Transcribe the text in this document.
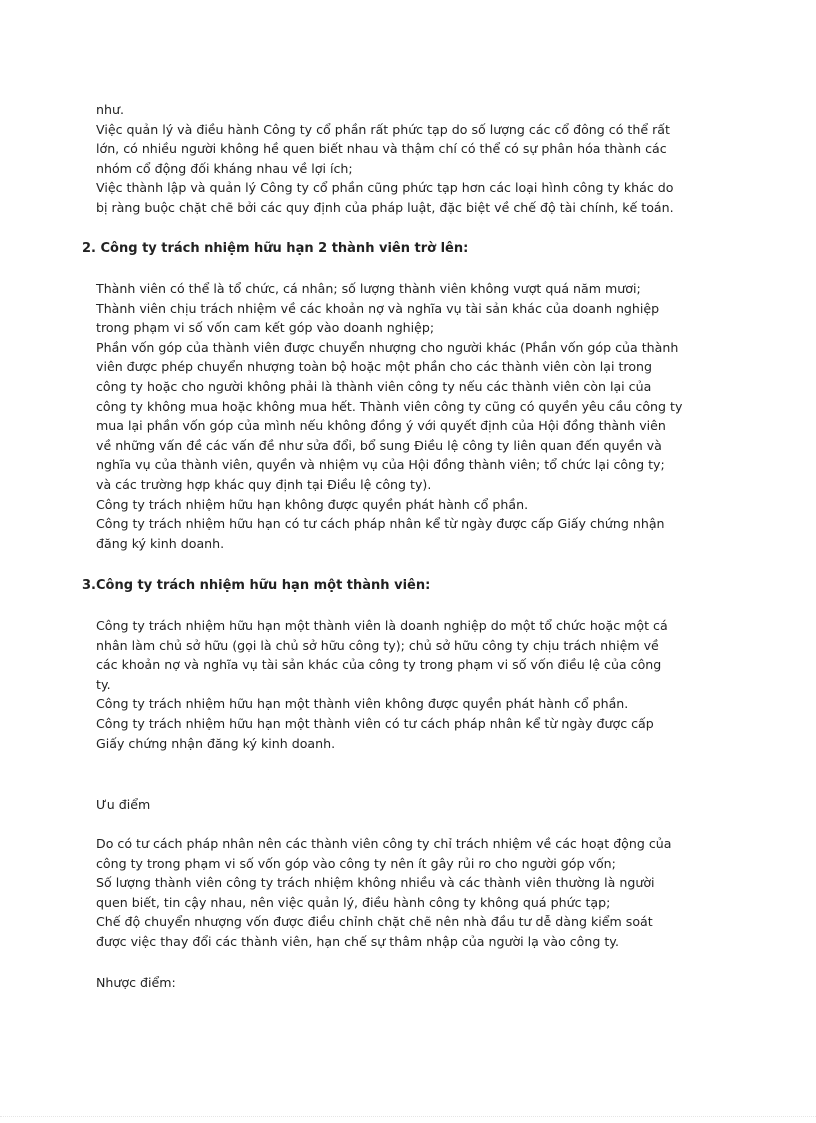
như.

Việc quản lý và điều hành Công ty cổ phần rất phức tạp do số lượng các cổ đông có thể rất

lớn, có nhiều người không hề quen biết nhau và thậm chí có thể có sự phân hóa thành các

nhóm cổ động đối kháng nhau về lợi ích;

Việc thành lập và quản lý Công ty cổ phần cũng phức tạp hơn các loại hình công ty khác do

bị ràng buộc chặt chẽ bởi các quy định của pháp luật, đặc biệt về chế độ tài chính, kế toán.

2. Công ty trách nhiệm hữu hạn 2 thành viên trờ lên:

Thành viên có thể là tổ chức, cá nhân; số lượng thành viên không vượt quá năm mươi;

Thành viên chịu trách nhiệm về các khoản nợ và nghĩa vụ tài sản khác của doanh nghiệp

trong phạm vi số vốn cam kết góp vào doanh nghiệp;

Phần vốn góp của thành viên được chuyển nhượng cho người khác (Phần vốn góp của thành

viên được phép chuyển nhượng toàn bộ hoặc một phần cho các thành viên còn lại trong

công ty hoặc cho người không phải là thành viên công ty nếu các thành viên còn lại của

công ty không mua hoặc không mua hết. Thành viên công ty cũng có quyền yêu cầu công ty

mua lại phần vốn góp của mình nếu không đồng ý với quyết định của Hội đồng thành viên

về những vấn đề các vấn đề như sửa đổi, bổ sung Điều lệ công ty liên quan đến quyền và

nghĩa vụ của thành viên, quyền và nhiệm vụ của Hội đồng thành viên; tổ chức lại công ty;

và các trường hợp khác quy định tại Điều lệ công ty).

Công ty trách nhiệm hữu hạn không được quyền phát hành cổ phần.

Công ty trách nhiệm hữu hạn có tư cách pháp nhân kể từ ngày được cấp Giấy chứng nhận

đăng ký kinh doanh.

3.Công ty trách nhiệm hữu hạn một thành viên:

Công ty trách nhiệm hữu hạn một thành viên là doanh nghiệp do một tổ chức hoặc một cá

nhân làm chủ sở hữu (gọi là chủ sở hữu công ty); chủ sở hữu công ty chịu trách nhiệm về

các khoản nợ và nghĩa vụ tài sản khác của công ty trong phạm vi số vốn điều lệ của công

ty.

Công ty trách nhiệm hữu hạn một thành viên không được quyền phát hành cổ phần.

Công ty trách nhiệm hữu hạn một thành viên có tư cách pháp nhân kể từ ngày được cấp

Giấy chứng nhận đăng ký kinh doanh.

Ưu điểm

Do có tư cách pháp nhân nên các thành viên công ty chỉ trách nhiệm về các hoạt động của

công ty trong phạm vi số vốn góp vào công ty nên ít gây rủi ro cho người góp vốn;

Số lượng thành viên công ty trách nhiệm không nhiều và các thành viên thường là người

quen biết, tin cậy nhau, nên việc quản lý, điều hành công ty không quá phức tạp;

Chế độ chuyển nhượng vốn được điều chỉnh chặt chẽ nên nhà đầu tư dễ dàng kiểm soát

được việc thay đổi các thành viên, hạn chế sự thâm nhập của người lạ vào công ty.

Nhược điểm:
